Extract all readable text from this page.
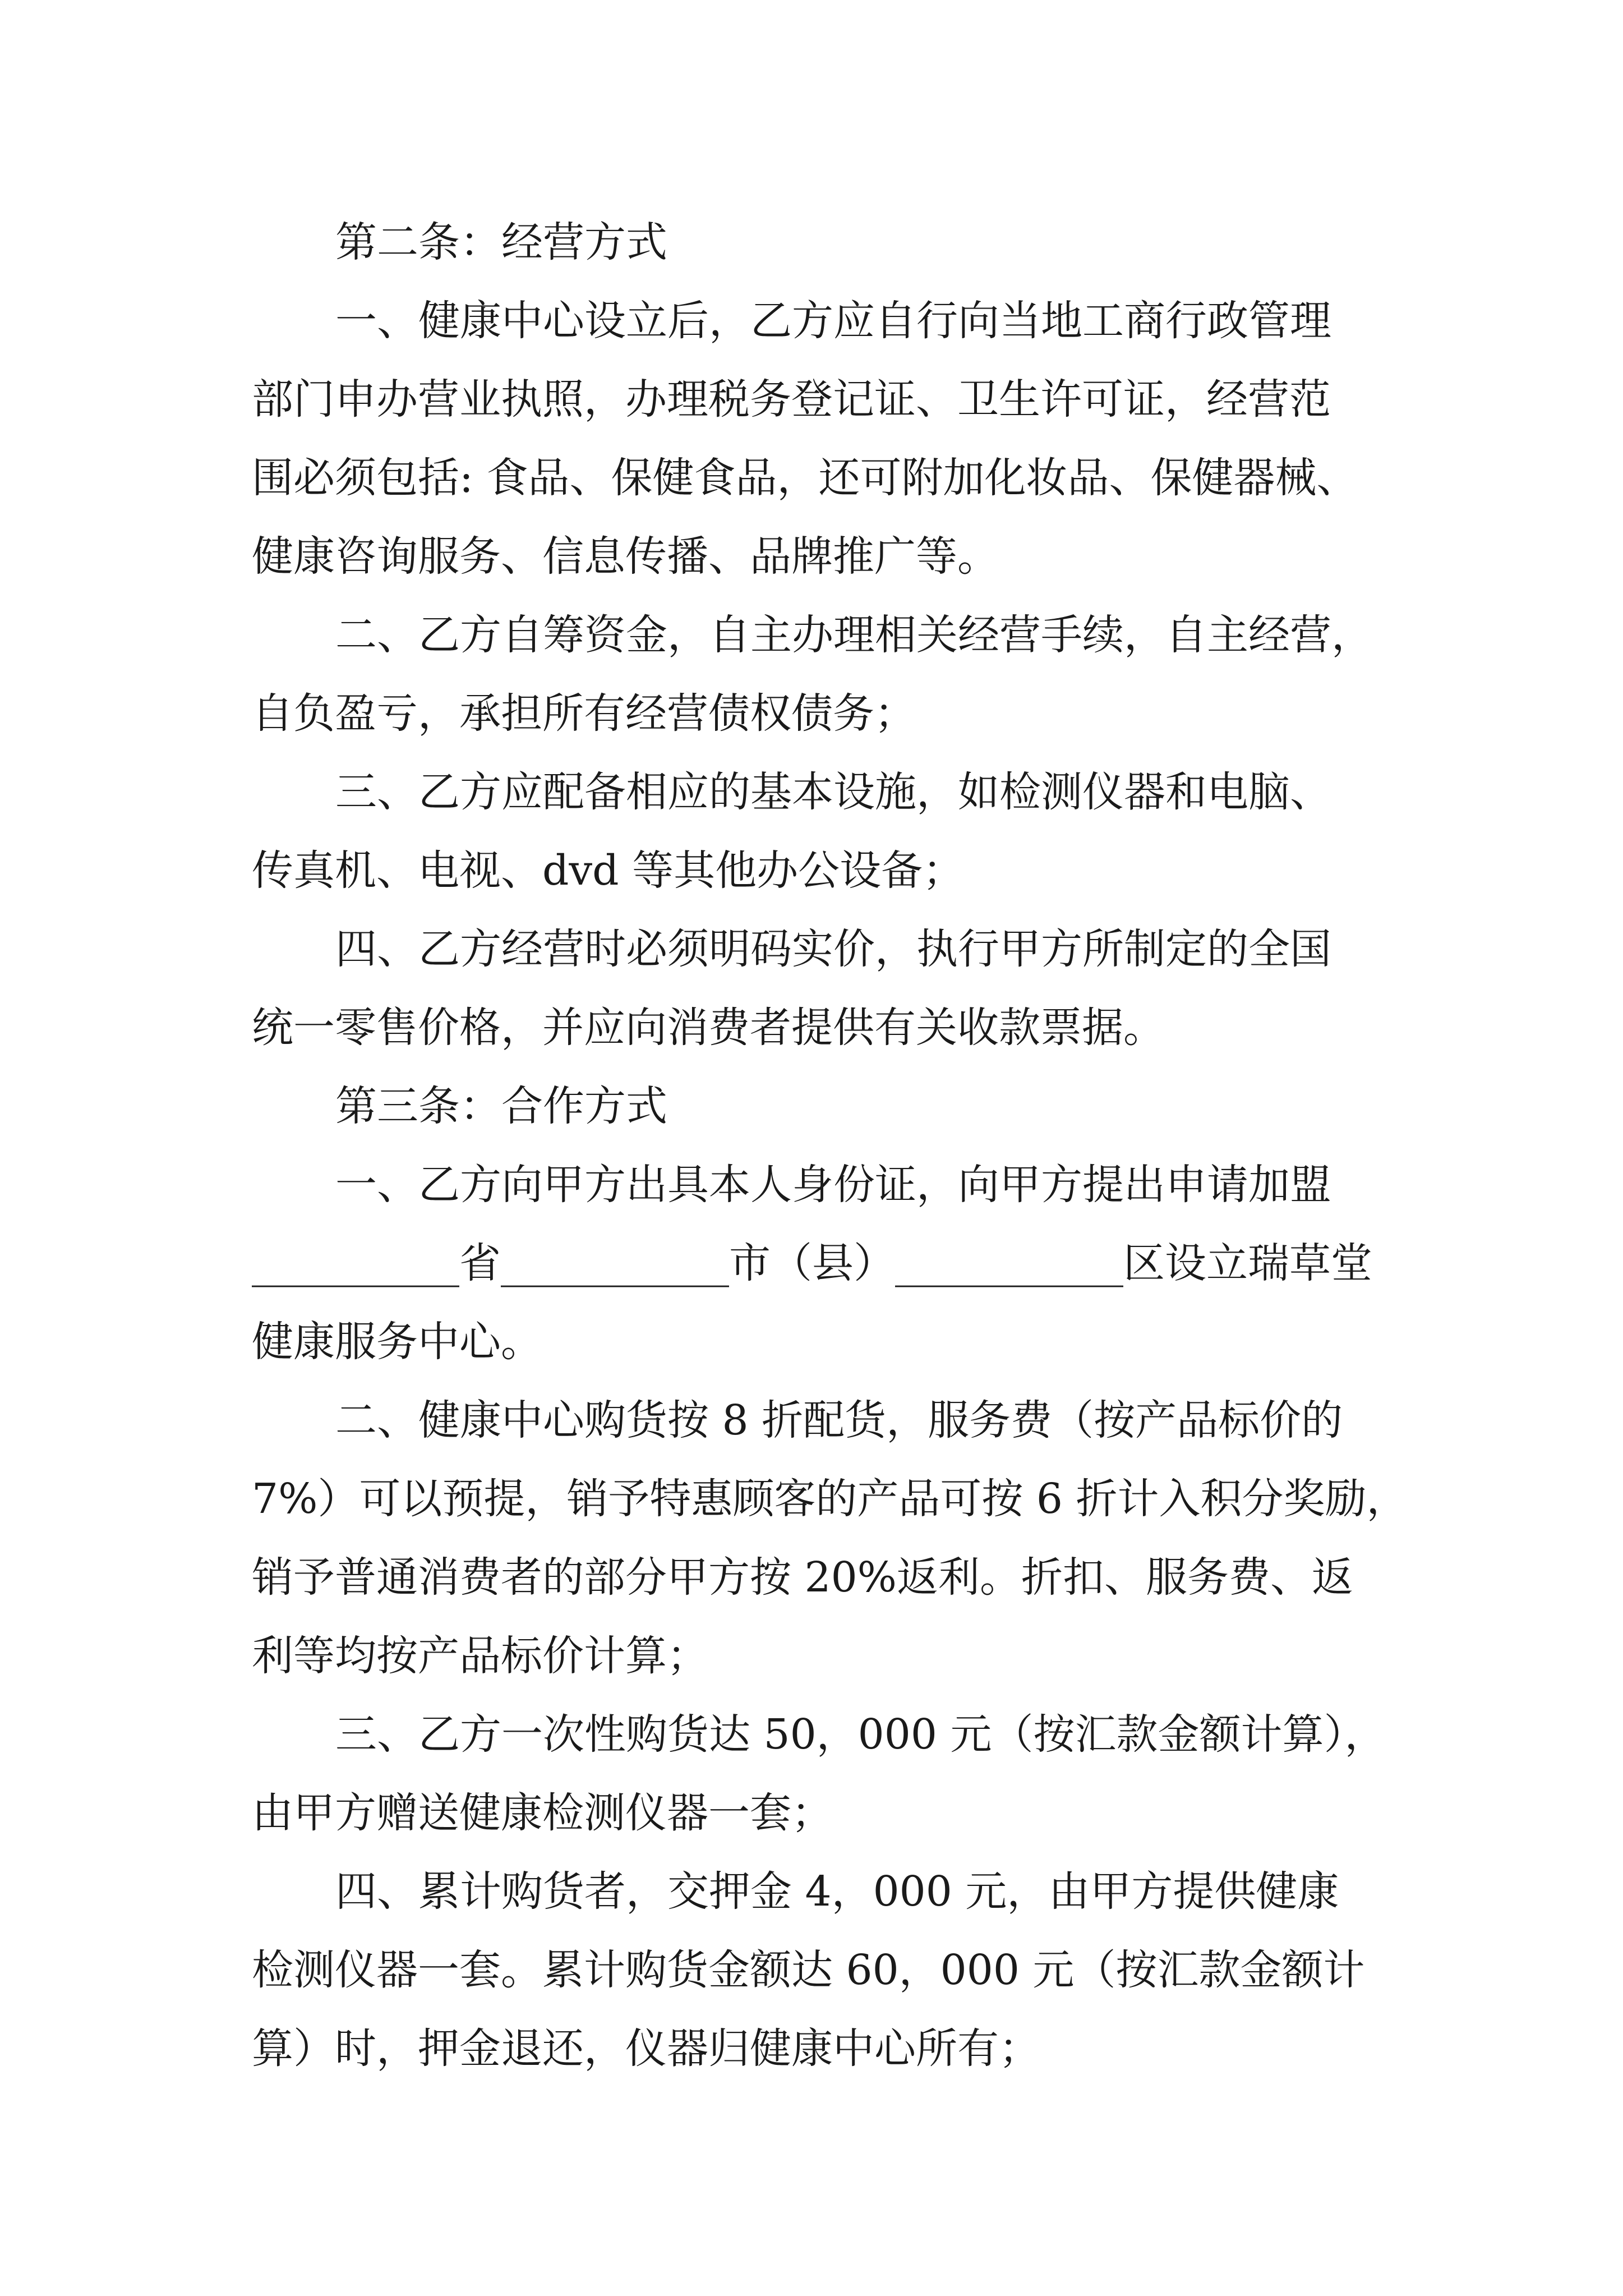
第二条：经营方式
一、健康中心设立后，乙方应自行向当地工商行政管理
部门申办营业执照，办理税务登记证、卫生许可证，经营范
围必须包括: 食品、保健食品，还可附加化妆品、保健器械、
健康咨询服务、信息传播、品牌推广等。
二、乙方自筹资金，自主办理相关经营手续，自主经营，
自负盈亏，承担所有经营债权债务；
三、乙方应配备相应的基本设施，如检测仪器和电脑、
传真机、电视、dvd 等其他办公设备；
四、乙方经营时必须明码实价，执行甲方所制定的全国
统一零售价格，并应向消费者提供有关收款票据。
第三条：合作方式
一、乙方向甲方出具本人身份证，向甲方提出申请加盟
__________省___________市（县）___________区设立瑞草堂
健康服务中心。
二、健康中心购货按 8 折配货，服务费（按产品标价的
7%）可以预提，销予特惠顾客的产品可按 6 折计入积分奖励，
销予普通消费者的部分甲方按 20%返利。折扣、服务费、返
利等均按产品标价计算；
三、乙方一次性购货达 50，000 元（按汇款金额计算），
由甲方赠送健康检测仪器一套；
四、累计购货者，交押金 4，000 元，由甲方提供健康
检测仪器一套。累计购货金额达 60，000 元（按汇款金额计
算）时，押金退还，仪器归健康中心所有；
